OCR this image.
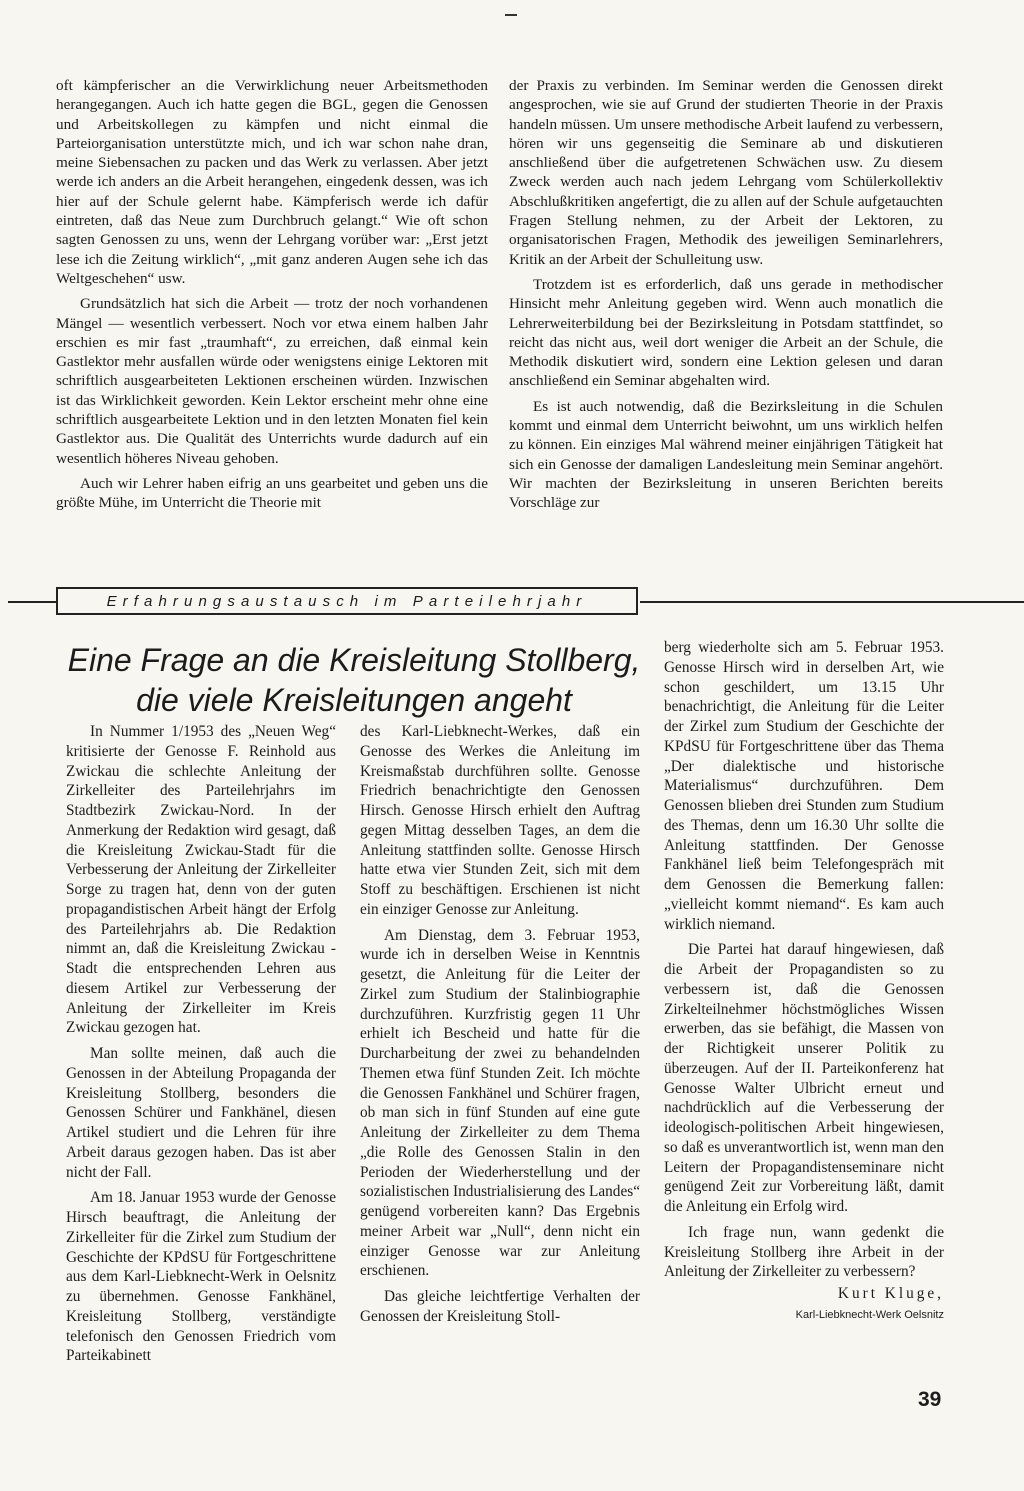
oft kämpferischer an die Verwirklichung neuer Arbeitsmethoden herangegangen. Auch ich hatte gegen die BGL, gegen die Genossen und Arbeitskollegen zu kämpfen und nicht einmal die Parteiorganisation unterstützte mich, und ich war schon nahe dran, meine Siebensachen zu packen und das Werk zu verlassen. Aber jetzt werde ich anders an die Arbeit herangehen, eingedenk dessen, was ich hier auf der Schule gelernt habe. Kämpferisch werde ich dafür eintreten, daß das Neue zum Durchbruch gelangt.“ Wie oft schon sagten Genossen zu uns, wenn der Lehrgang vorüber war: „Erst jetzt lese ich die Zeitung wirklich“, „mit ganz anderen Augen sehe ich das Weltgeschehen“ usw.

Grundsätzlich hat sich die Arbeit — trotz der noch vorhandenen Mängel — wesentlich verbessert. Noch vor etwa einem halben Jahr erschien es mir fast „traumhaft“, zu erreichen, daß einmal kein Gastlektor mehr ausfallen würde oder wenigstens einige Lektoren mit schriftlich ausgearbeiteten Lektionen erscheinen würden. Inzwischen ist das Wirklichkeit geworden. Kein Lektor erscheint mehr ohne eine schriftlich ausgearbeitete Lektion und in den letzten Monaten fiel kein Gastlektor aus. Die Qualität des Unterrichts wurde dadurch auf ein wesentlich höheres Niveau gehoben.

Auch wir Lehrer haben eifrig an uns gearbeitet und geben uns die größte Mühe, im Unterricht die Theorie mit

der Praxis zu verbinden. Im Seminar werden die Genossen direkt angesprochen, wie sie auf Grund der studierten Theorie in der Praxis handeln müssen. Um unsere methodische Arbeit laufend zu verbessern, hören wir uns gegenseitig die Seminare ab und diskutieren anschließend über die aufgetretenen Schwächen usw. Zu diesem Zweck werden auch nach jedem Lehrgang vom Schülerkollektiv Abschlußkritiken angefertigt, die zu allen auf der Schule aufgetauchten Fragen Stellung nehmen, zu der Arbeit der Lektoren, zu organisatorischen Fragen, Methodik des jeweiligen Seminarlehrers, Kritik an der Arbeit der Schulleitung usw.

Trotzdem ist es erforderlich, daß uns gerade in methodischer Hinsicht mehr Anleitung gegeben wird. Wenn auch monatlich die Lehrerweiterbildung bei der Bezirksleitung in Potsdam stattfindet, so reicht das nicht aus, weil dort weniger die Arbeit an der Schule, die Methodik diskutiert wird, sondern eine Lektion gelesen und daran anschließend ein Seminar abgehalten wird.

Es ist auch notwendig, daß die Bezirksleitung in die Schulen kommt und einmal dem Unterricht beiwohnt, um uns wirklich helfen zu können. Ein einziges Mal während meiner einjährigen Tätigkeit hat sich ein Genosse der damaligen Landesleitung mein Seminar angehört. Wir machten der Bezirksleitung in unseren Berichten bereits Vorschläge zur

Erfahrungsaustausch im Parteilehrjahr
Eine Frage an die Kreisleitung Stollberg,
die viele Kreisleitungen angeht

In Nummer 1/1953 des „Neuen Weg“ kritisierte der Genosse F. Reinhold aus Zwickau die schlechte Anleitung der Zirkelleiter des Parteilehrjahrs im Stadtbezirk Zwickau-Nord. In der Anmerkung der Redaktion wird gesagt, daß die Kreisleitung Zwickau-Stadt für die Verbesserung der Anleitung der Zirkelleiter Sorge zu tragen hat, denn von der guten propagandistischen Arbeit hängt der Erfolg des Parteilehrjahrs ab. Die Redaktion nimmt an, daß die Kreisleitung Zwickau - Stadt die entsprechenden Lehren aus diesem Artikel zur Verbesserung der Anleitung der Zirkelleiter im Kreis Zwickau gezogen hat.

Man sollte meinen, daß auch die Genossen in der Abteilung Propaganda der Kreisleitung Stollberg, besonders die Genossen Schürer und Fankhänel, diesen Artikel studiert und die Lehren für ihre Arbeit daraus gezogen haben. Das ist aber nicht der Fall.

Am 18. Januar 1953 wurde der Genosse Hirsch beauftragt, die Anleitung der Zirkelleiter für die Zirkel zum Studium der Geschichte der KPdSU für Fortgeschrittene aus dem Karl-Liebknecht-Werk in Oelsnitz zu übernehmen. Genosse Fankhänel, Kreisleitung Stollberg, verständigte telefonisch den Genossen Friedrich vom Parteikabinett

des Karl-Liebknecht-Werkes, daß ein Genosse des Werkes die Anleitung im Kreismaßstab durchführen sollte. Genosse Friedrich benachrichtigte den Genossen Hirsch. Genosse Hirsch erhielt den Auftrag gegen Mittag desselben Tages, an dem die Anleitung stattfinden sollte. Genosse Hirsch hatte etwa vier Stunden Zeit, sich mit dem Stoff zu beschäftigen. Erschienen ist nicht ein einziger Genosse zur Anleitung.

Am Dienstag, dem 3. Februar 1953, wurde ich in derselben Weise in Kenntnis gesetzt, die Anleitung für die Leiter der Zirkel zum Studium der Stalinbiographie durchzuführen. Kurzfristig gegen 11 Uhr erhielt ich Bescheid und hatte für die Durcharbeitung der zwei zu behandelnden Themen etwa fünf Stunden Zeit. Ich möchte die Genossen Fankhänel und Schürer fragen, ob man sich in fünf Stunden auf eine gute Anleitung der Zirkelleiter zu dem Thema „die Rolle des Genossen Stalin in den Perioden der Wiederherstellung und der sozialistischen Industrialisierung des Landes“ genügend vorbereiten kann? Das Ergebnis meiner Arbeit war „Null“, denn nicht ein einziger Genosse war zur Anleitung erschienen.

Das gleiche leichtfertige Verhalten der Genossen der Kreisleitung Stoll-

berg wiederholte sich am 5. Februar 1953. Genosse Hirsch wird in derselben Art, wie schon geschildert, um 13.15 Uhr benachrichtigt, die Anleitung für die Leiter der Zirkel zum Studium der Geschichte der KPdSU für Fortgeschrittene über das Thema „Der dialektische und historische Materialismus“ durchzuführen. Dem Genossen blieben drei Stunden zum Studium des Themas, denn um 16.30 Uhr sollte die Anleitung stattfinden. Der Genosse Fankhänel ließ beim Telefongespräch mit dem Genossen die Bemerkung fallen: „vielleicht kommt niemand“. Es kam auch wirklich niemand.

Die Partei hat darauf hingewiesen, daß die Arbeit der Propagandisten so zu verbessern ist, daß die Genossen Zirkelteilnehmer höchstmögliches Wissen erwerben, das sie befähigt, die Massen von der Richtigkeit unserer Politik zu überzeugen. Auf der II. Parteikonferenz hat Genosse Walter Ulbricht erneut und nachdrücklich auf die Verbesserung der ideologisch-politischen Arbeit hingewiesen, so daß es unverantwortlich ist, wenn man den Leitern der Propagandistenseminare nicht genügend Zeit zur Vorbereitung läßt, damit die Anleitung ein Erfolg wird.

Ich frage nun, wann gedenkt die Kreisleitung Stollberg ihre Arbeit in der Anleitung der Zirkelleiter zu verbessern?

Kurt Kluge,
Karl-Liebknecht-Werk Oelsnitz
39
